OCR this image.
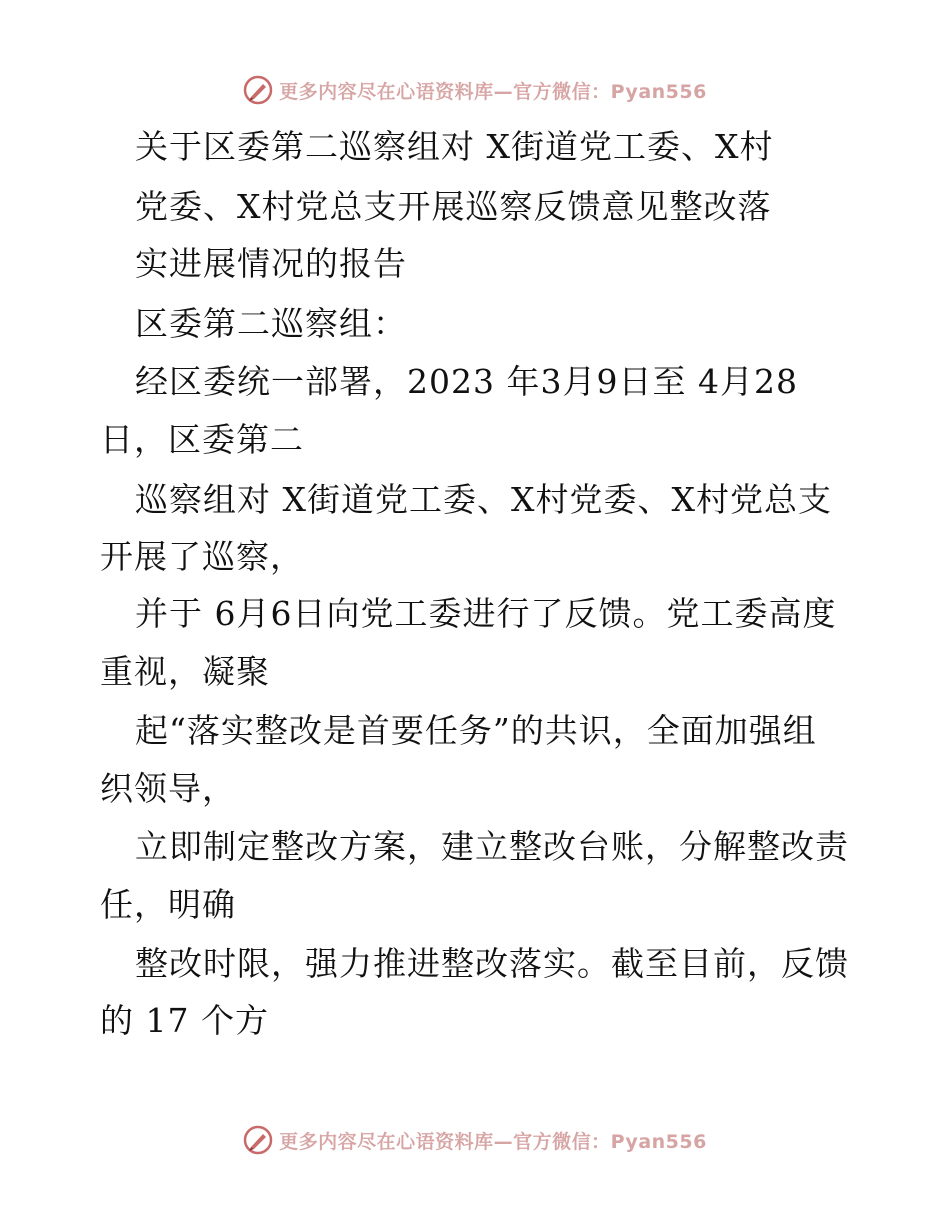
更多内容尽在心语资料库—官方微信：Pyan556
关于区委第二巡察组对 X街道党工委、X村
党委、X村党总支开展巡察反馈意见整改落
实进展情况的报告
区委第二巡察组：
经区委统一部署，2023 年3月9日至 4月28
日，区委第二
巡察组对 X街道党工委、X村党委、X村党总支
开展了巡察，
并于 6月6日向党工委进行了反馈。党工委高度
重视，凝聚
起“落实整改是首要任务”的共识，全面加强组
织领导，
立即制定整改方案，建立整改台账，分解整改责
任，明确
整改时限，强力推进整改落实。截至目前，反馈
的 17 个方
更多内容尽在心语资料库—官方微信：Pyan556
